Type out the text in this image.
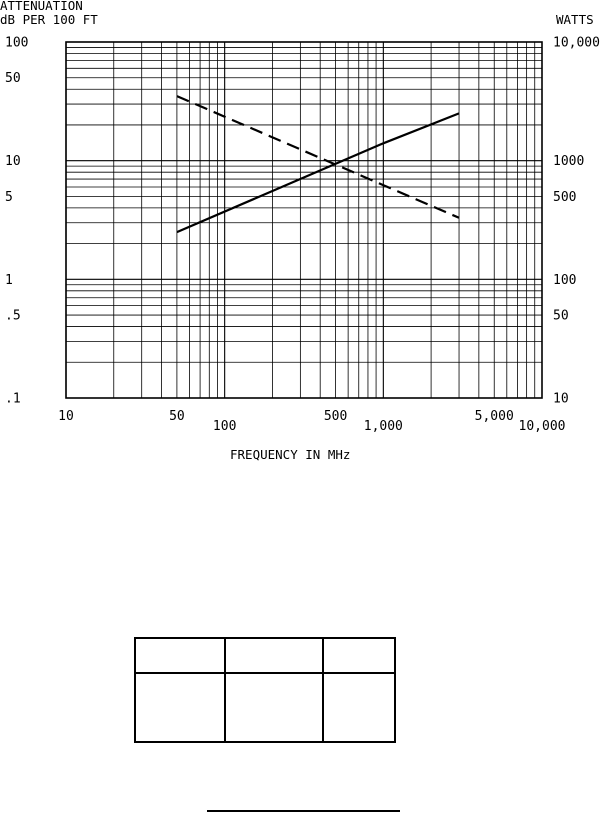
ATTENUATION
dB PER 100 FT	WATTS
FREQUENCY IN MHz
10	50
100
500
1,000
5,000
10,000
100
50
10
5
1
.5
.1
10,000
1000
500
100
50
10
